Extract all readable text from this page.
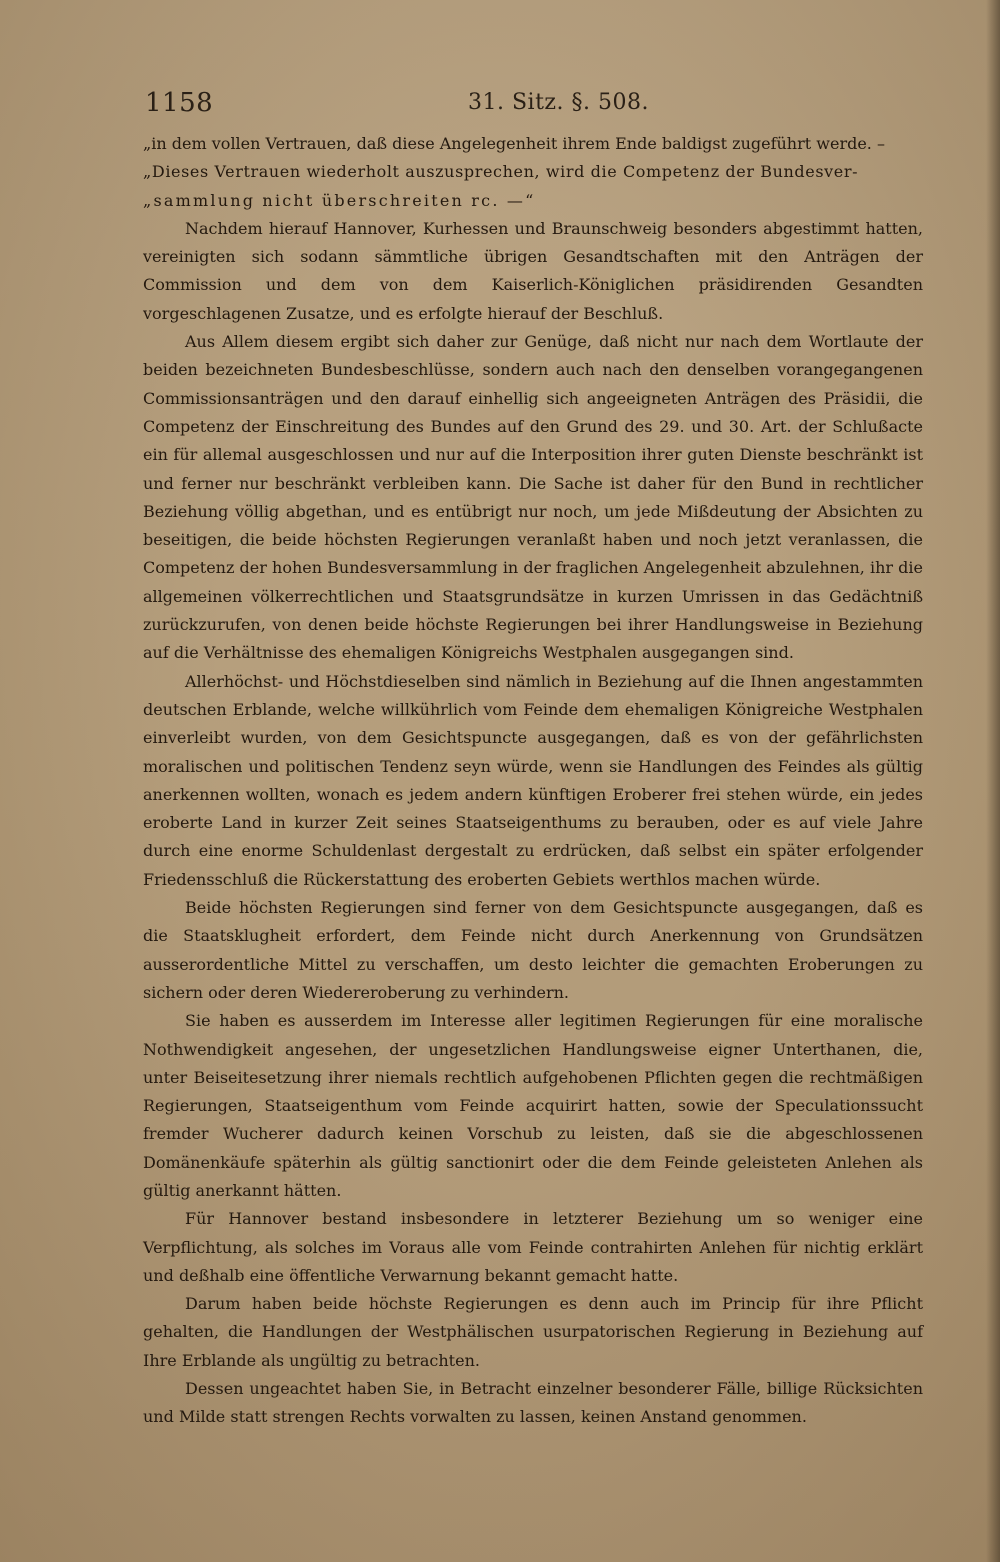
1158	31. Sitz. §. 508.

„in dem vollen Vertrauen, daß diese Angelegenheit ihrem Ende baldigst zugeführt werde. –

„Dieses Vertrauen wiederholt auszusprechen, wird die Competenz der Bundesver-

„sammlung nicht überschreiten rc. —“

Nachdem hierauf Hannover, Kurhessen und Braunschweig besonders abgestimmt hatten, vereinigten sich sodann sämmtliche übrigen Gesandtschaften mit den Anträgen der Commission und dem von dem Kaiserlich-Königlichen präsidirenden Gesandten vorgeschlagenen Zusatze, und es erfolgte hierauf der Beschluß.

Aus Allem diesem ergibt sich daher zur Genüge, daß nicht nur nach dem Wortlaute der beiden bezeichneten Bundesbeschlüsse, sondern auch nach den denselben vorangegangenen Commissionsanträgen und den darauf einhellig sich angeeigneten Anträgen des Präsidii, die Competenz der Einschreitung des Bundes auf den Grund des 29. und 30. Art. der Schlußacte ein für allemal ausgeschlossen und nur auf die Interposition ihrer guten Dienste beschränkt ist und ferner nur beschränkt verbleiben kann. Die Sache ist daher für den Bund in rechtlicher Beziehung völlig abgethan, und es entübrigt nur noch, um jede Mißdeutung der Absichten zu beseitigen, die beide höchsten Regierungen veranlaßt haben und noch jetzt veranlassen, die Competenz der hohen Bundesversammlung in der fraglichen Angelegenheit abzulehnen, ihr die allgemeinen völkerrechtlichen und Staatsgrundsätze in kurzen Umrissen in das Gedächtniß zurückzurufen, von denen beide höchste Regierungen bei ihrer Handlungsweise in Beziehung auf die Verhältnisse des ehemaligen Königreichs Westphalen ausgegangen sind.

Allerhöchst- und Höchstdieselben sind nämlich in Beziehung auf die Ihnen angestammten deutschen Erblande, welche willkührlich vom Feinde dem ehemaligen Königreiche Westphalen einverleibt wurden, von dem Gesichtspuncte ausgegangen, daß es von der gefährlichsten moralischen und politischen Tendenz seyn würde, wenn sie Handlungen des Feindes als gültig anerkennen wollten, wonach es jedem andern künftigen Eroberer frei stehen würde, ein jedes eroberte Land in kurzer Zeit seines Staatseigenthums zu berauben, oder es auf viele Jahre durch eine enorme Schuldenlast dergestalt zu erdrücken, daß selbst ein später erfolgender Friedensschluß die Rückerstattung des eroberten Gebiets werthlos machen würde.

Beide höchsten Regierungen sind ferner von dem Gesichtspuncte ausgegangen, daß es die Staatsklugheit erfordert, dem Feinde nicht durch Anerkennung von Grundsätzen ausserordentliche Mittel zu verschaffen, um desto leichter die gemachten Eroberungen zu sichern oder deren Wiedereroberung zu verhindern.

Sie haben es ausserdem im Interesse aller legitimen Regierungen für eine moralische Nothwendigkeit angesehen, der ungesetzlichen Handlungsweise eigner Unterthanen, die, unter Beiseitesetzung ihrer niemals rechtlich aufgehobenen Pflichten gegen die rechtmäßigen Regierungen, Staatseigenthum vom Feinde acquirirt hatten, sowie der Speculationssucht fremder Wucherer dadurch keinen Vorschub zu leisten, daß sie die abgeschlossenen Domänenkäufe späterhin als gültig sanctionirt oder die dem Feinde geleisteten Anlehen als gültig anerkannt hätten.

Für Hannover bestand insbesondere in letzterer Beziehung um so weniger eine Verpflichtung, als solches im Voraus alle vom Feinde contrahirten Anlehen für nichtig erklärt und deßhalb eine öffentliche Verwarnung bekannt gemacht hatte.

Darum haben beide höchste Regierungen es denn auch im Princip für ihre Pflicht gehalten, die Handlungen der Westphälischen usurpatorischen Regierung in Beziehung auf Ihre Erblande als ungültig zu betrachten.

Dessen ungeachtet haben Sie, in Betracht einzelner besonderer Fälle, billige Rücksichten und Milde statt strengen Rechts vorwalten zu lassen, keinen Anstand genommen.
